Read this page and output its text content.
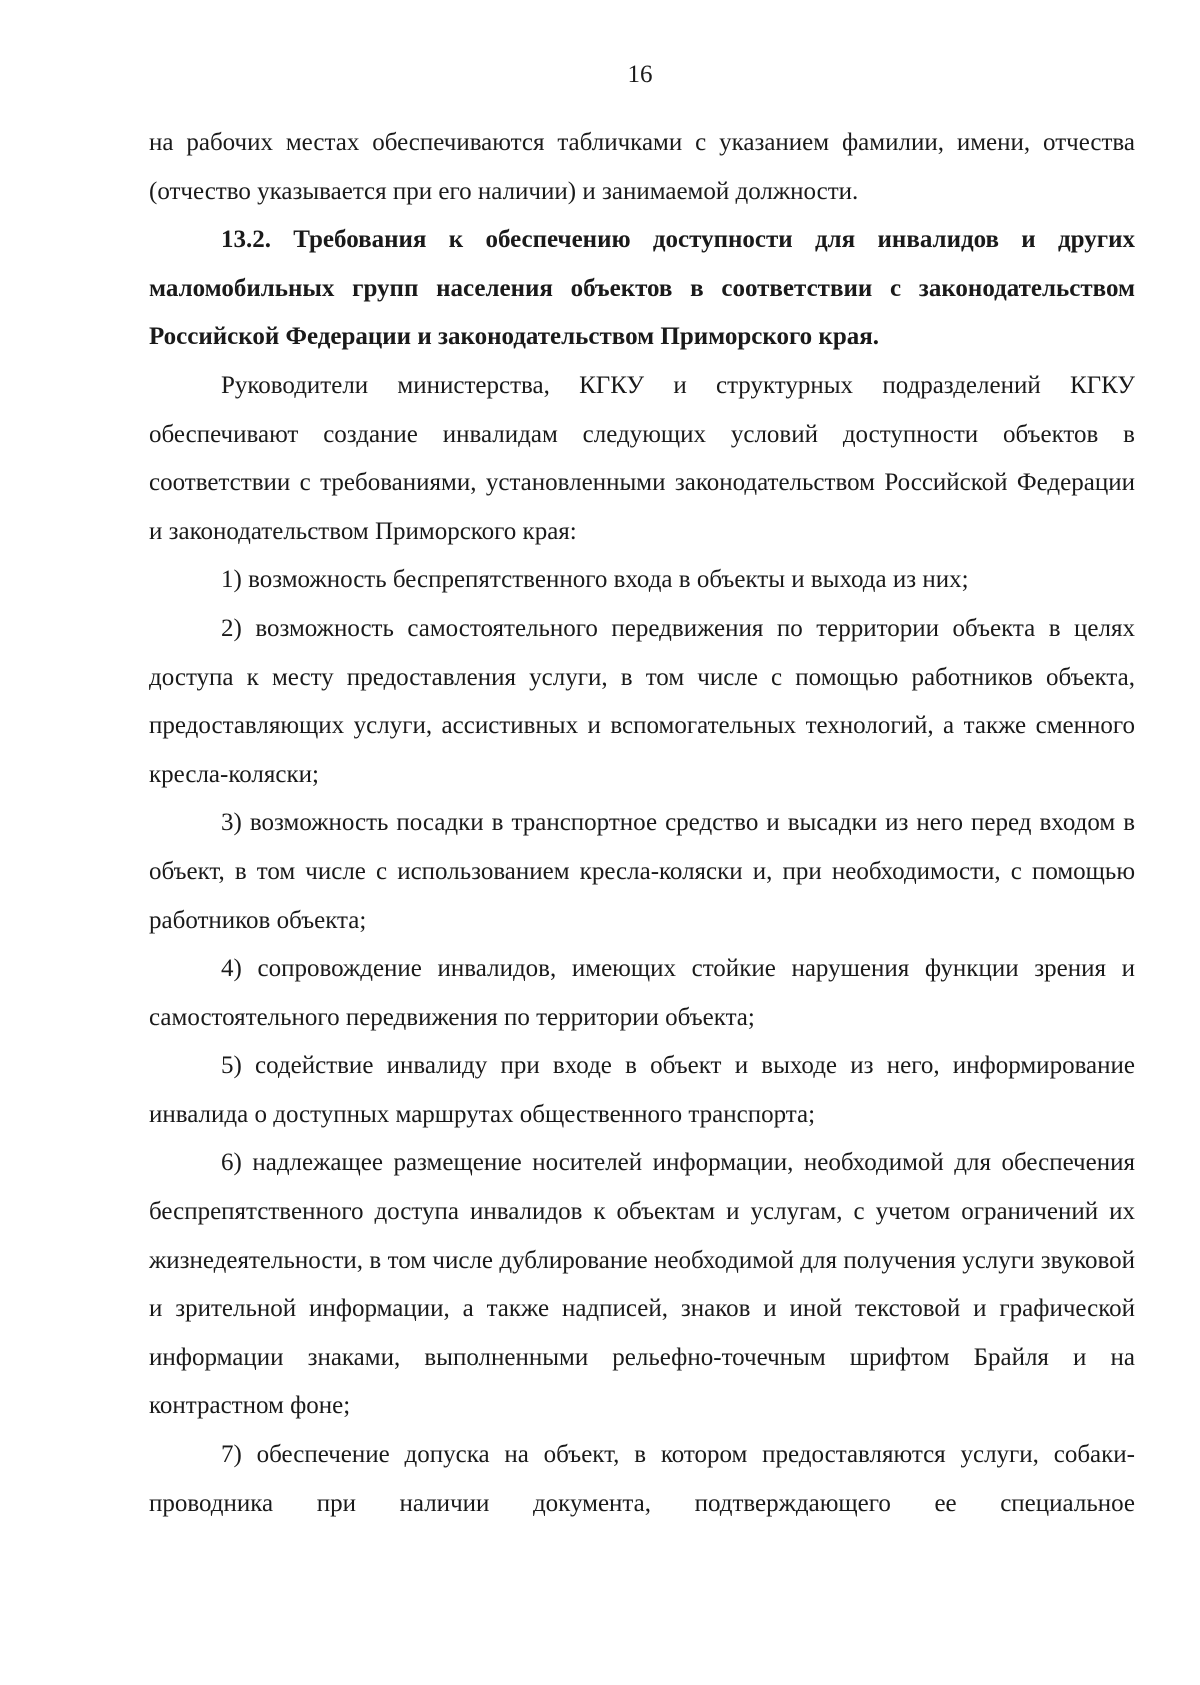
16

на рабочих местах обеспечиваются табличками с указанием фамилии, имени, отчества (отчество указывается при его наличии) и занимаемой должности.

13.2. Требования к обеспечению доступности для инвалидов и других маломобильных групп населения объектов в соответствии с законодательством Российской Федерации и законодательством Приморского края.

Руководители министерства, КГКУ и структурных подразделений КГКУ обеспечивают создание инвалидам следующих условий доступности объектов в соответствии с требованиями, установленными законодательством Российской Федерации и законодательством Приморского края:

1) возможность беспрепятственного входа в объекты и выхода из них;

2) возможность самостоятельного передвижения по территории объекта в целях доступа к месту предоставления услуги, в том числе с помощью работников объекта, предоставляющих услуги, ассистивных и вспомогательных технологий, а также сменного кресла-коляски;

3) возможность посадки в транспортное средство и высадки из него перед входом в объект, в том числе с использованием кресла-коляски и, при необходимости, с помощью работников объекта;

4) сопровождение инвалидов, имеющих стойкие нарушения функции зрения и самостоятельного передвижения по территории объекта;

5) содействие инвалиду при входе в объект и выходе из него, информирование инвалида о доступных маршрутах общественного транспорта;

6) надлежащее размещение носителей информации, необходимой для обеспечения беспрепятственного доступа инвалидов к объектам и услугам, с учетом ограничений их жизнедеятельности, в том числе дублирование необходимой для получения услуги звуковой и зрительной информации, а также надписей, знаков и иной текстовой и графической информации знаками, выполненными рельефно-точечным шрифтом Брайля и на контрастном фоне;

7) обеспечение допуска на объект, в котором предоставляются услуги, собаки-проводника при наличии документа, подтверждающего ее специальное
